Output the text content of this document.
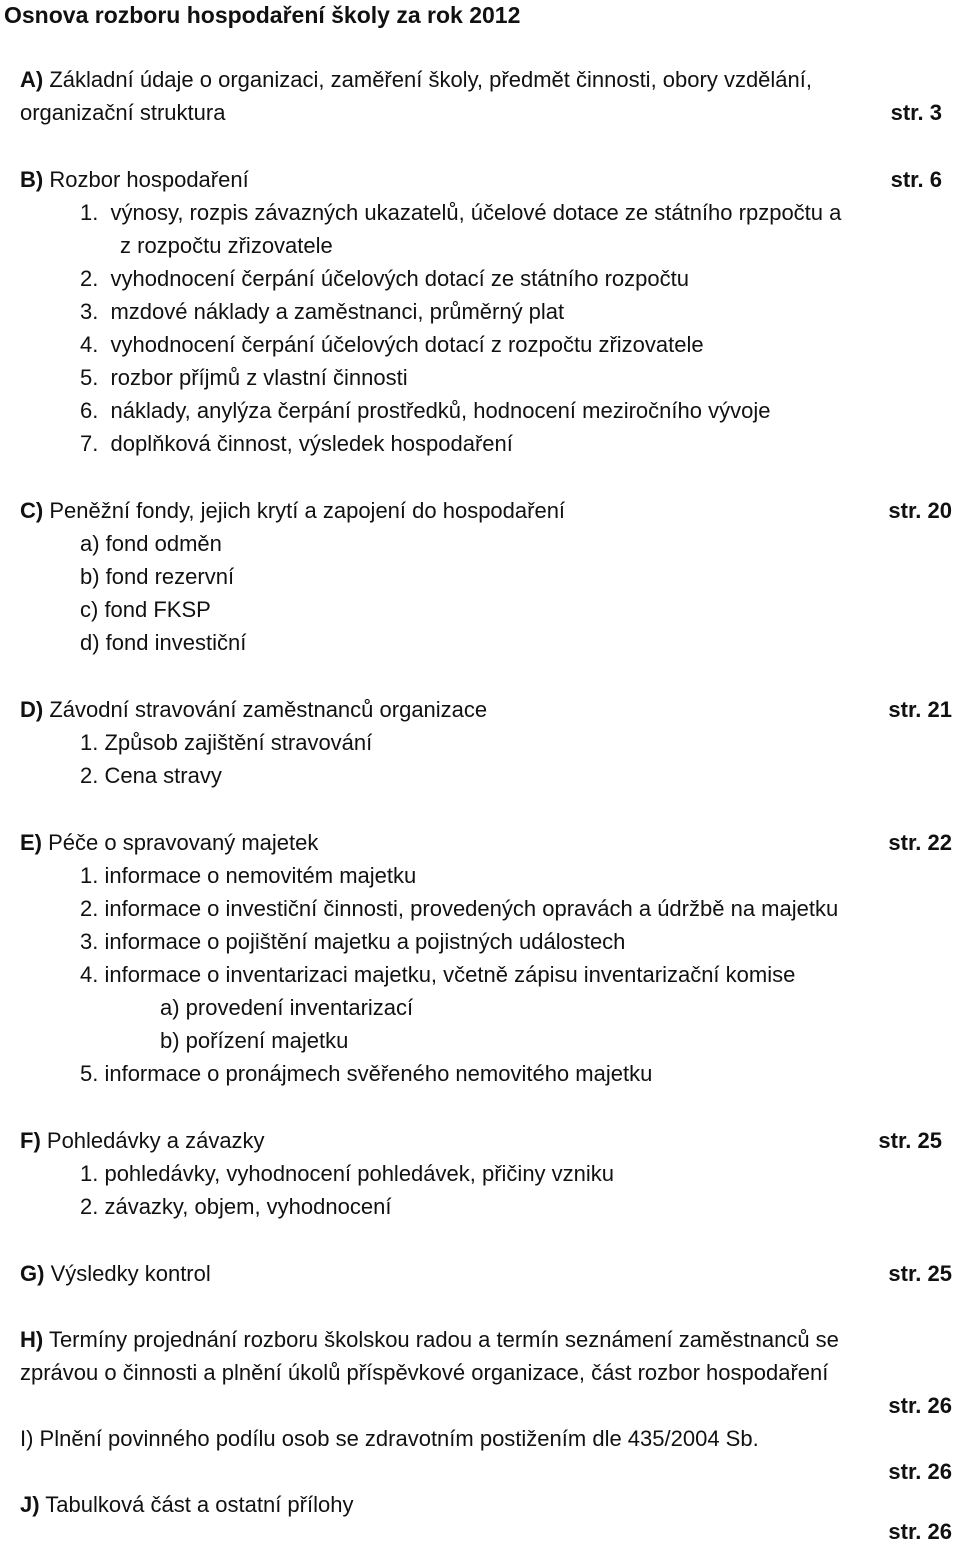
Osnova rozboru hospodaření školy za rok 2012
A) Základní údaje o organizaci, zaměření školy, předmět činnosti, obory vzdělání,
organizační struktura	str. 3
B) Rozbor hospodaření	str. 6
1. výnosy, rozpis závazných ukazatelů, účelové dotace ze státního rpzpočtu a
z rozpočtu zřizovatele
2. vyhodnocení čerpání účelových dotací ze státního rozpočtu
3. mzdové náklady a zaměstnanci, průměrný plat
4. vyhodnocení čerpání účelových dotací z rozpočtu zřizovatele
5. rozbor příjmů z vlastní činnosti
6. náklady, anylýza čerpání prostředků, hodnocení meziročního vývoje
7. doplňková činnost, výsledek hospodaření
C) Peněžní fondy, jejich krytí a zapojení do hospodaření	str. 20
a) fond odměn
b) fond rezervní
c) fond FKSP
d) fond investiční
D) Závodní stravování zaměstnanců organizace	str. 21
1. Způsob zajištění stravování
2. Cena stravy
E) Péče o spravovaný majetek	str. 22
1. informace o nemovitém majetku
2. informace o investiční činnosti, provedených opravách a údržbě na majetku
3. informace o pojištění majetku a pojistných událostech
4. informace o inventarizaci majetku, včetně zápisu inventarizační komise
a) provedení inventarizací
b) pořízení majetku
5. informace o pronájmech svěřeného nemovitého majetku
F) Pohledávky a závazky	str. 25
1. pohledávky, vyhodnocení pohledávek, přičiny vzniku
2. závazky, objem, vyhodnocení
G) Výsledky kontrol	str. 25
H) Termíny projednání rozboru školskou radou a termín seznámení zaměstnanců se
zprávou o činnosti a plnění úkolů příspěvkové organizace, část rozbor hospodaření
str. 26
I) Plnění povinného podílu osob se zdravotním postižením dle 435/2004 Sb.
str. 26
J) Tabulková část a ostatní přílohy
str. 26
